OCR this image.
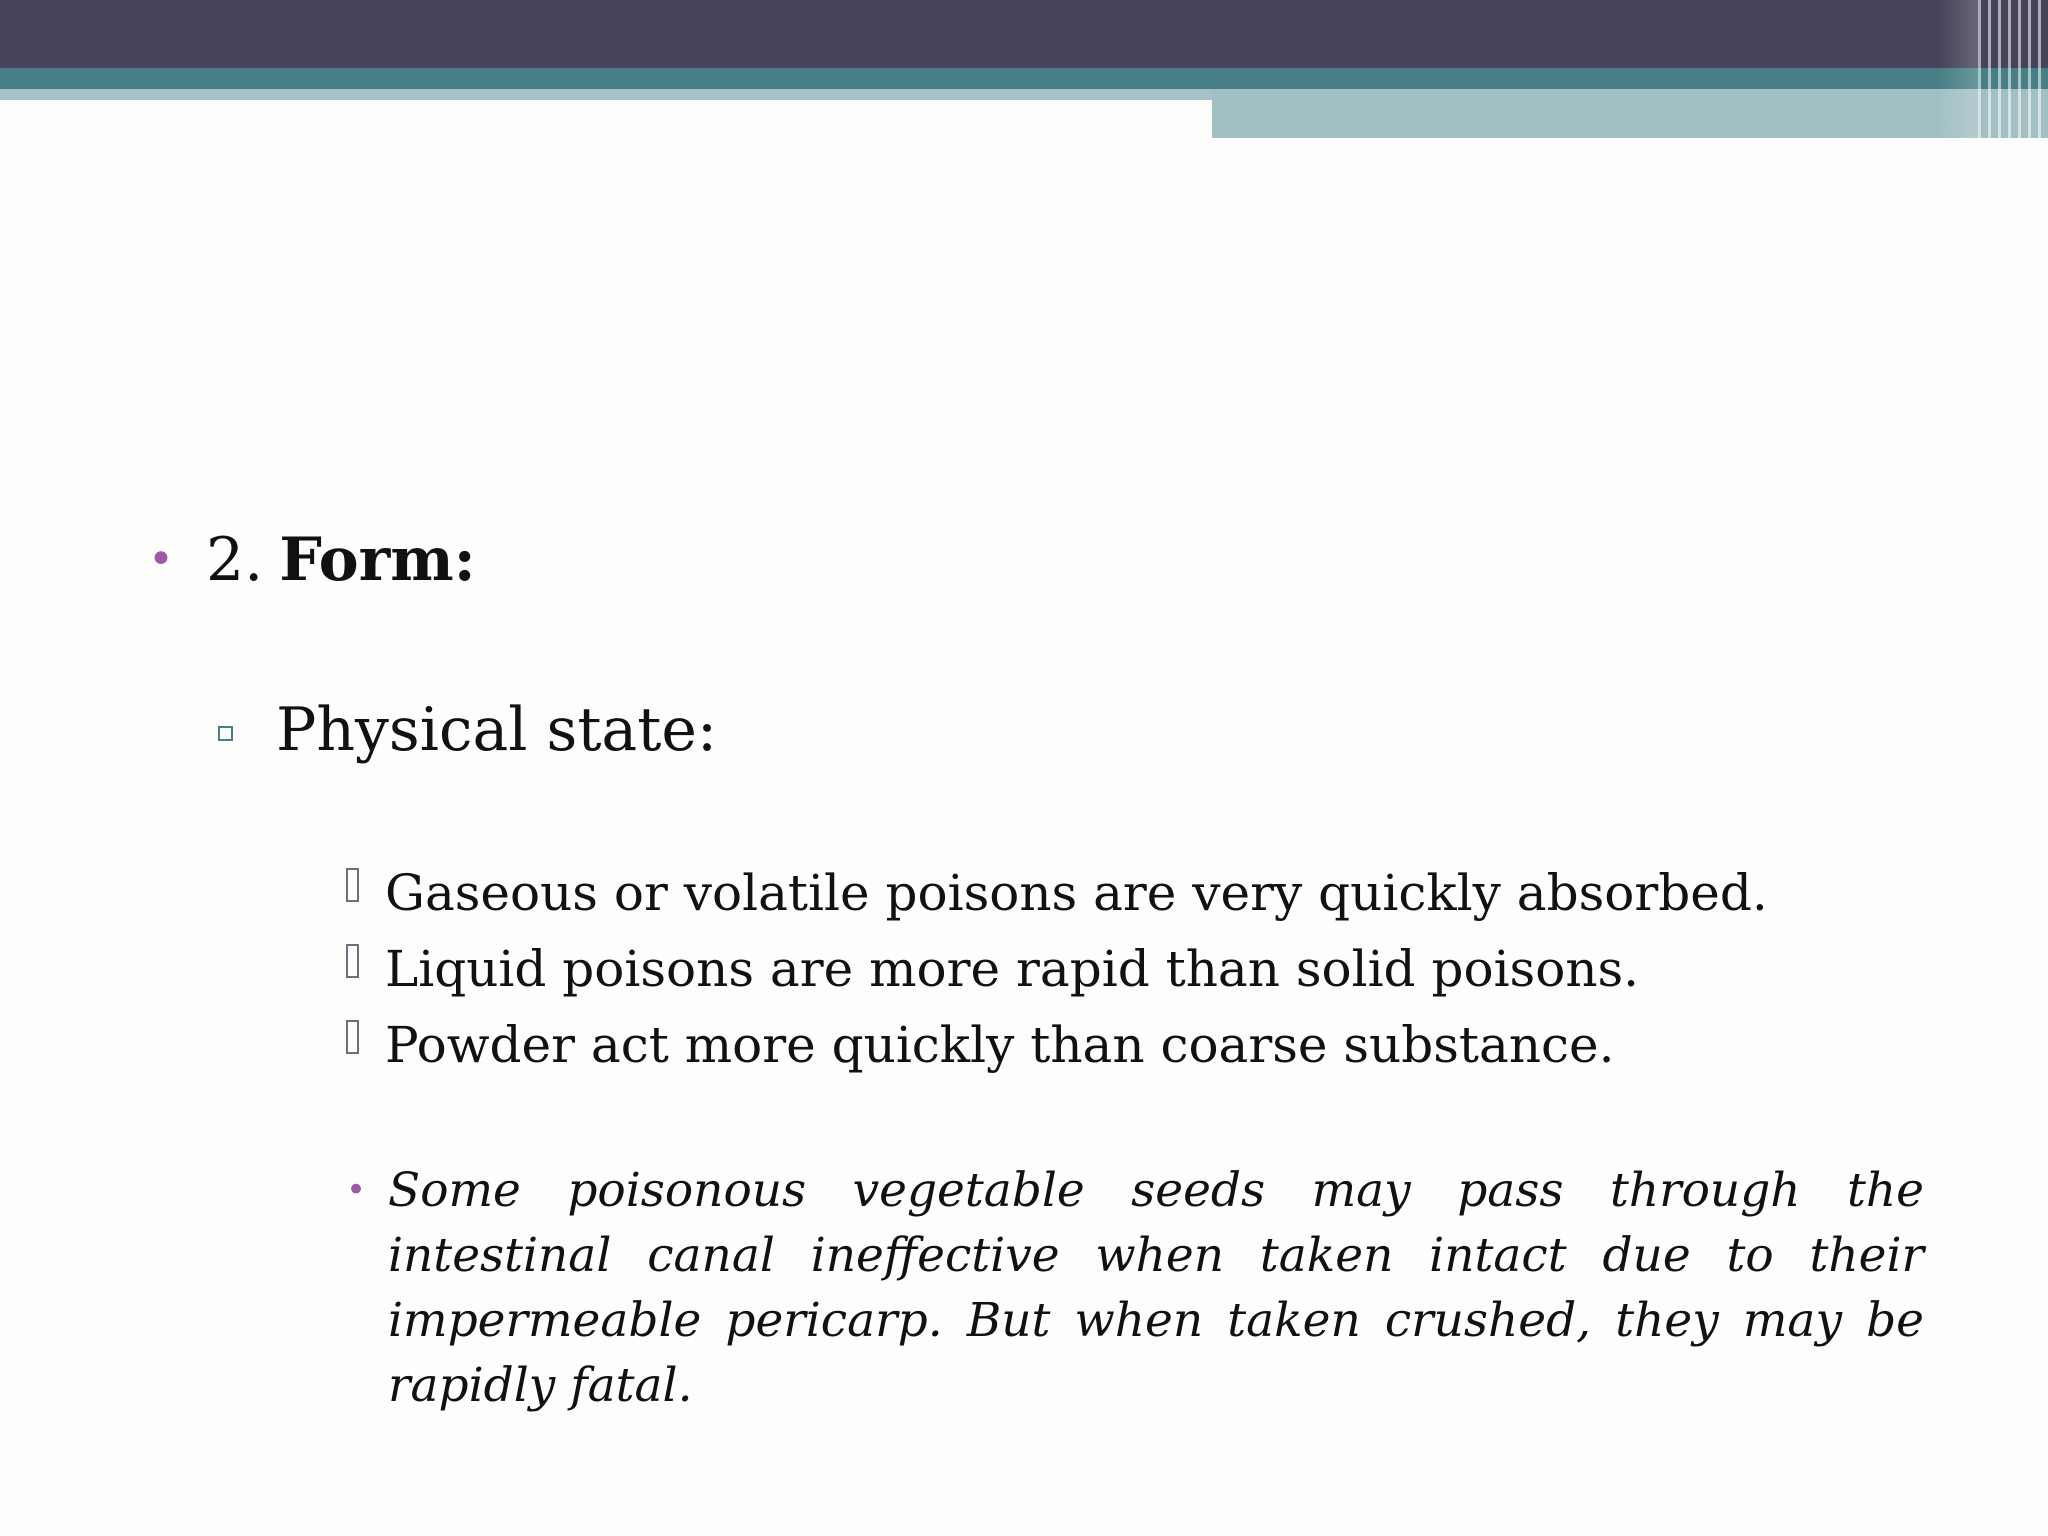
• 2. Form:
Physical state:
Gaseous or volatile poisons are very quickly absorbed.
Liquid poisons are more rapid than solid poisons.
Powder act more quickly than coarse substance.
• Some poisonous vegetable seeds may pass through the intestinal canal ineffective when taken intact due to their impermeable pericarp. But when taken crushed, they may be rapidly fatal.
